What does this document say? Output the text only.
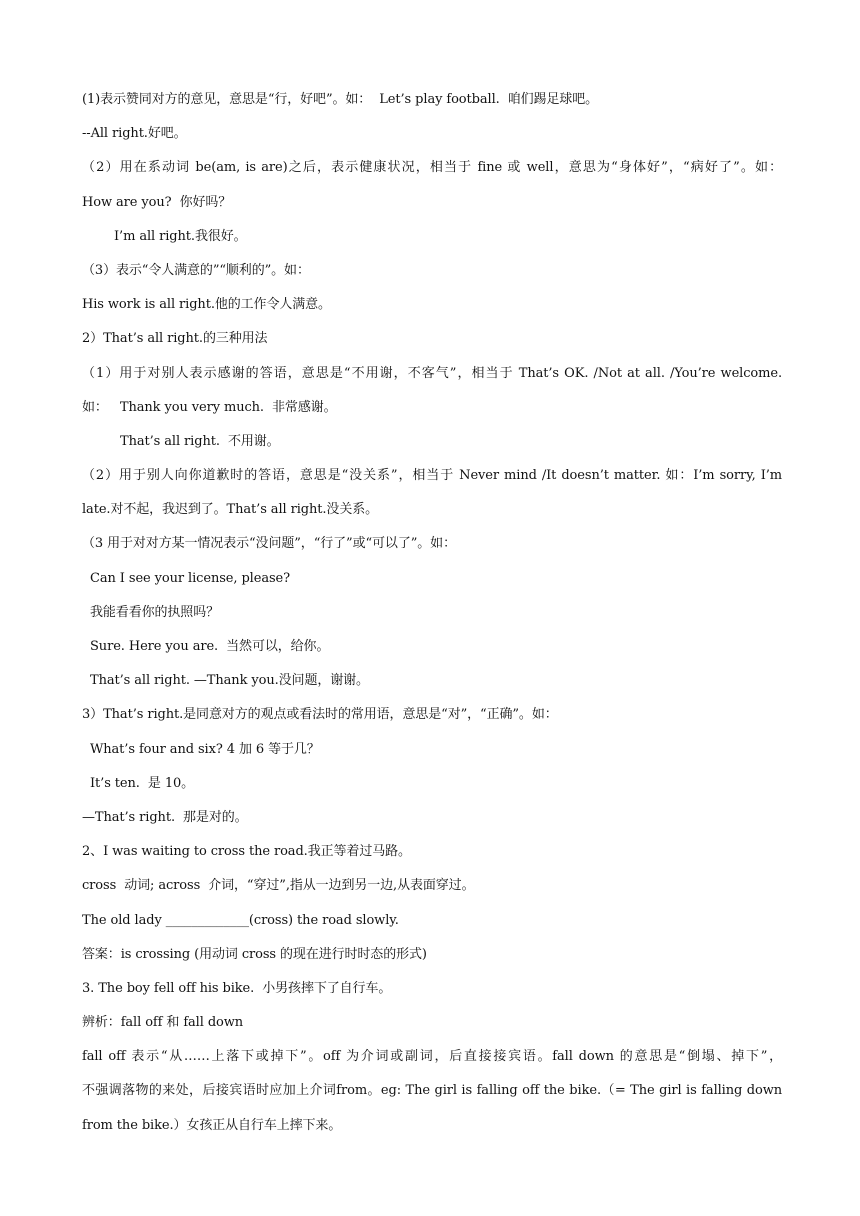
(1)表示赞同对方的意见，意思是“行，好吧”。如：  Let’s play football.  咱们踢足球吧。
--All right.好吧。
（2）用在系动词 be(am, is are)之后，表示健康状况，相当于 fine 或 well，意思为“身体好”，“病好了”。如：
How are you?  你好吗？
I’m all right.我很好。
（3）表示“令人满意的”“顺利的”。如：
His work is all right.他的工作令人满意。
2）That’s all right.的三种用法
（1）用于对别人表示感谢的答语，意思是“不用谢，不客气”，相当于 That’s OK. /Not at all. /You’re welcome.
如：   Thank you very much.  非常感谢。
That’s all right.  不用谢。
（2）用于别人向你道歉时的答语，意思是“没关系”，相当于 Never mind /It doesn’t matter. 如：I’m sorry, I’m
late.对不起，我迟到了。That’s all right.没关系。
（3 用于对对方某一情况表示“没问题”，“行了”或“可以了”。如：
Can I see your license, please?
我能看看你的执照吗？
Sure. Here you are.  当然可以，给你。
That’s all right. —Thank you.没问题，谢谢。
3）That’s right.是同意对方的观点或看法时的常用语，意思是“对”，“正确”。如：
What’s four and six? 4 加 6 等于几？
It’s ten.  是 10。
—That’s right.  那是对的。
2、I was waiting to cross the road.我正等着过马路。
cross  动词; across  介词，“穿过”,指从一边到另一边,从表面穿过。
The old lady _____________(cross) the road slowly.
答案：is crossing (用动词 cross 的现在进行时时态的形式)
3. The boy fell off his bike.  小男孩摔下了自行车。
辨析：fall off 和 fall down
fall off 表示“从……上落下或掉下”。off 为介词或副词，后直接接宾语。fall down 的意思是“倒塌、掉下”，
不强调落物的来处，后接宾语时应加上介词from。eg: The girl is falling off the bike.（= The girl is falling down
from the bike.）女孩正从自行车上摔下来。
